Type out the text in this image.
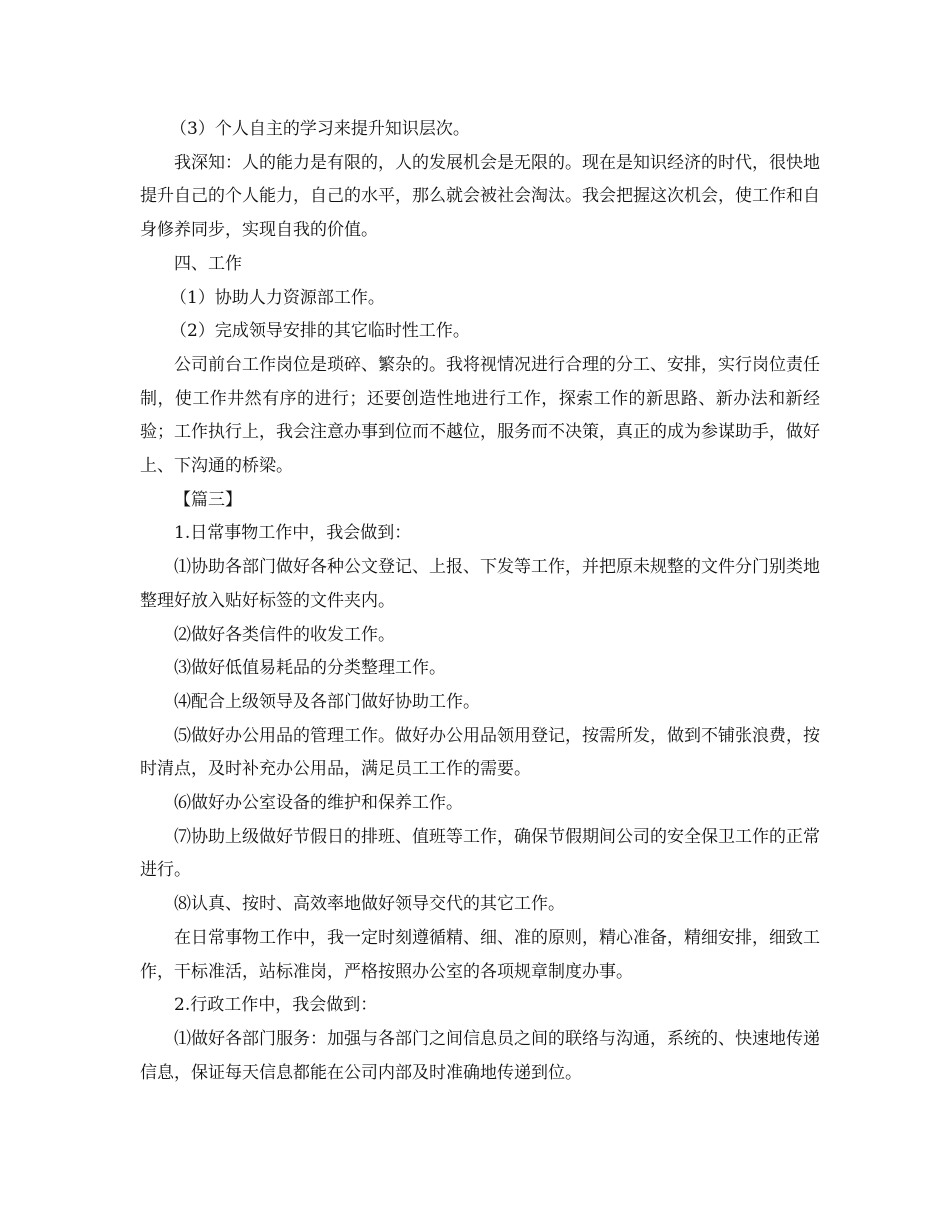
（3）个人自主的学习来提升知识层次。

我深知：人的能力是有限的，人的发展机会是无限的。现在是知识经济的时代，很快地提升自己的个人能力，自己的水平，那么就会被社会淘汰。我会把握这次机会，使工作和自身修养同步，实现自我的价值。

四、工作

（1）协助人力资源部工作。

（2）完成领导安排的其它临时性工作。

公司前台工作岗位是琐碎、繁杂的。我将视情况进行合理的分工、安排，实行岗位责任制，使工作井然有序的进行；还要创造性地进行工作，探索工作的新思路、新办法和新经验；工作执行上，我会注意办事到位而不越位，服务而不决策，真正的成为参谋助手，做好上、下沟通的桥梁。

【篇三】

1.日常事物工作中，我会做到：

⑴协助各部门做好各种公文登记、上报、下发等工作，并把原未规整的文件分门别类地整理好放入贴好标签的文件夹内。

⑵做好各类信件的收发工作。

⑶做好低值易耗品的分类整理工作。

⑷配合上级领导及各部门做好协助工作。

⑸做好办公用品的管理工作。做好办公用品领用登记，按需所发，做到不铺张浪费，按时清点，及时补充办公用品，满足员工工作的需要。

⑹做好办公室设备的维护和保养工作。

⑺协助上级做好节假日的排班、值班等工作，确保节假期间公司的安全保卫工作的正常进行。

⑻认真、按时、高效率地做好领导交代的其它工作。

在日常事物工作中，我一定时刻遵循精、细、准的原则，精心准备，精细安排，细致工作，干标准活，站标准岗，严格按照办公室的各项规章制度办事。

2.行政工作中，我会做到：

⑴做好各部门服务：加强与各部门之间信息员之间的联络与沟通，系统的、快速地传递信息，保证每天信息都能在公司内部及时准确地传递到位。
